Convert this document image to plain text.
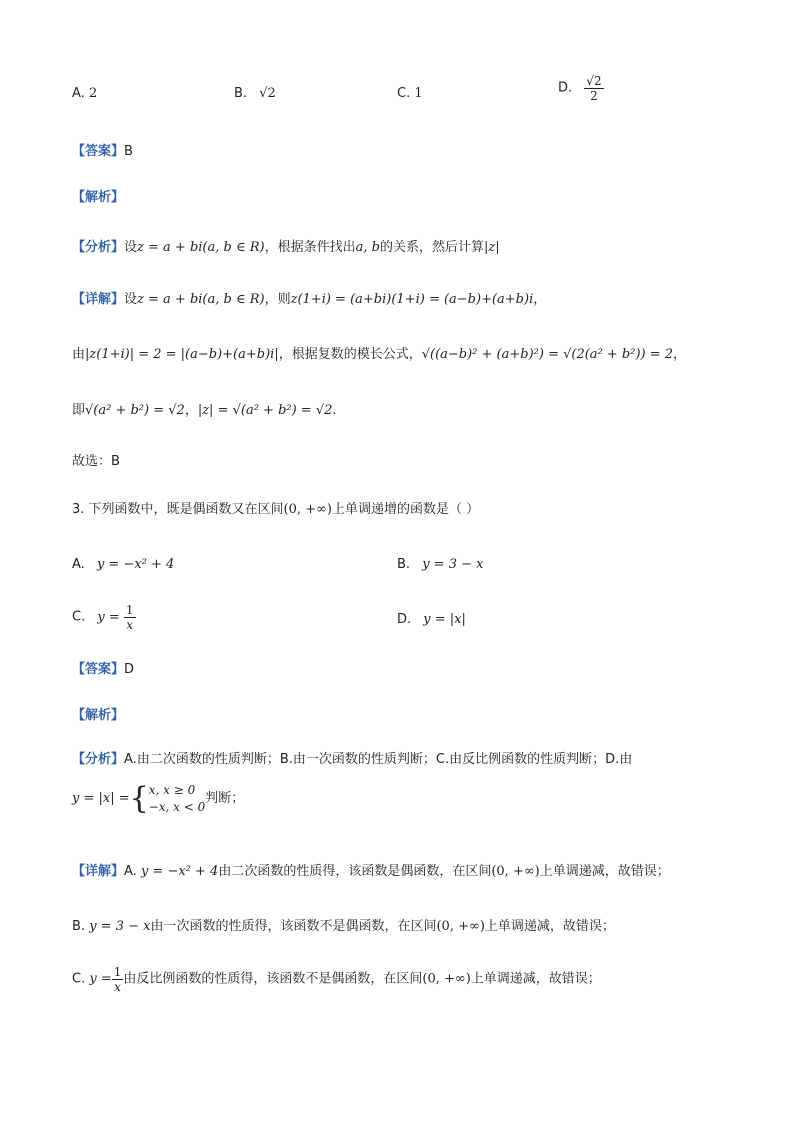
A. 2	B. √2	C. 1	D. $\frac{√2}{2}$
【答案】B
【解析】
【分析】设z = a + bi(a, b ∈ R)，根据条件找出a, b的关系，然后计算|z|
【详解】设z = a + bi(a, b ∈ R)，则z(1+i) = (a+bi)(1+i) = (a−b)+(a+b)i，
由|z(1+i)| = 2 = |(a−b)+(a+b)i|，根据复数的模长公式，√((a−b)² + (a+b)²) = √(2(a² + b²)) = 2，
即√(a² + b²) = √2，|z| = √(a² + b²) = √2.
故选：B
3. 下列函数中，既是偶函数又在区间(0, +∞)上单调递增的函数是（ ）
A. y = −x² + 4	B. y = 3 − x
C. $y = \frac{1}{x}$	D. y = |x|
【答案】D
【解析】
【分析】A.由二次函数的性质判断；B.由一次函数的性质判断；C.由反比例函数的性质判断；D.由
y = |x| ={ x, x ≥ 0
−x, x < 0
判断；
【详解】A. y = −x² + 4由二次函数的性质得，该函数是偶函数，在区间(0, +∞)上单调递减，故错误；
B. y = 3 − x由一次函数的性质得，该函数不是偶函数，在区间(0, +∞)上单调递减，故错误；
C. $y = \frac{1}{x}$ 由反比例函数的性质得，该函数不是偶函数，在区间(0, +∞)上单调递减，故错误；
